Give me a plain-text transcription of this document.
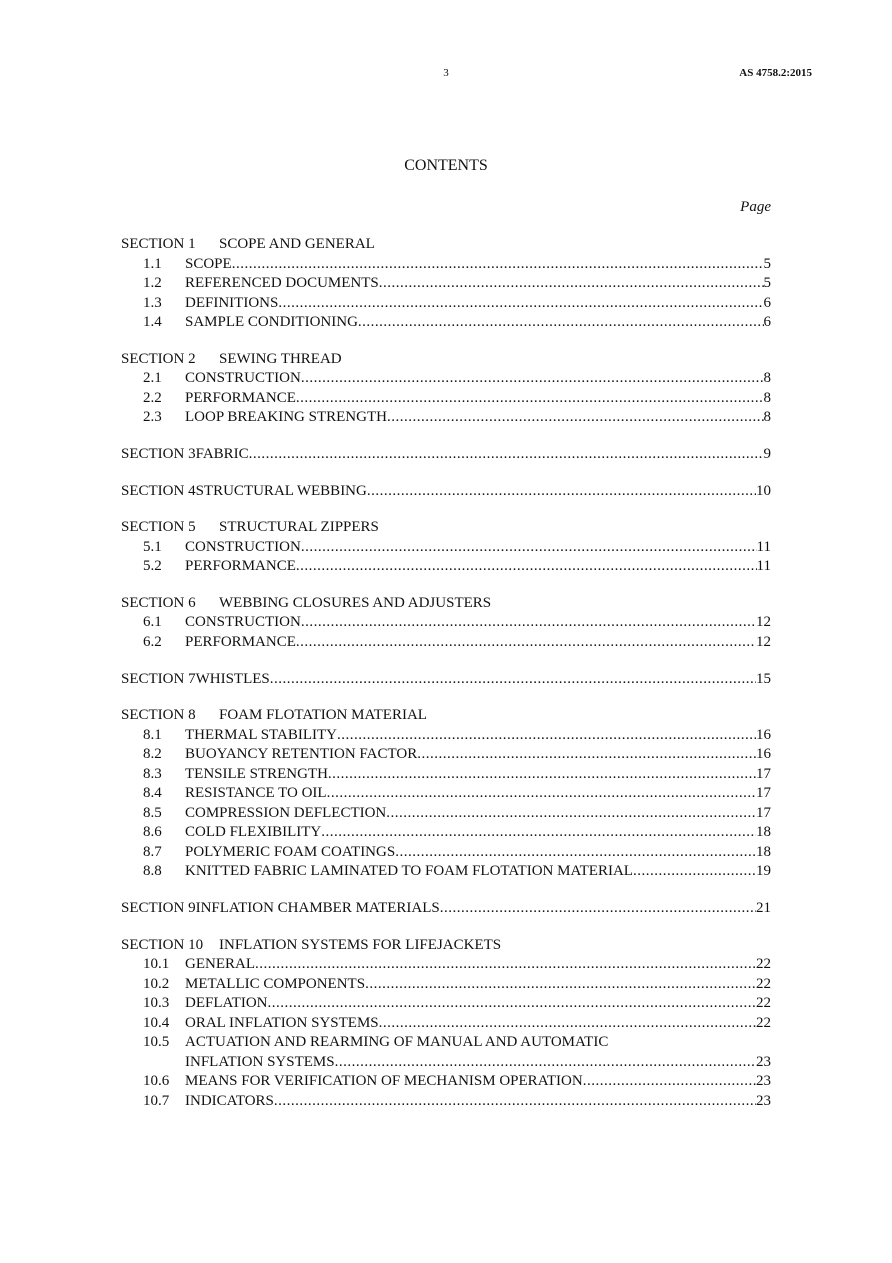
3	AS 4758.2:2015
CONTENTS
Page
SECTION 1	SCOPE AND GENERAL
1.1	SCOPE .....	5
1.2	REFERENCED DOCUMENTS .....	5
1.3	DEFINITIONS .....	6
1.4	SAMPLE CONDITIONING .....	6
SECTION 2	SEWING THREAD
2.1	CONSTRUCTION .....	8
2.2	PERFORMANCE .....	8
2.3	LOOP BREAKING STRENGTH .....	8
SECTION 3 FABRIC .....	9
SECTION 4 STRUCTURAL WEBBING .....	10
SECTION 5	STRUCTURAL ZIPPERS
5.1	CONSTRUCTION .....	11
5.2	PERFORMANCE .....	11
SECTION 6	WEBBING CLOSURES AND ADJUSTERS
6.1	CONSTRUCTION .....	12
6.2	PERFORMANCE .....	12
SECTION 7 WHISTLES .....	15
SECTION 8	FOAM FLOTATION MATERIAL
8.1	THERMAL STABILITY .....	16
8.2	BUOYANCY RETENTION FACTOR .....	16
8.3	TENSILE STRENGTH .....	17
8.4	RESISTANCE TO OIL .....	17
8.5	COMPRESSION DEFLECTION .....	17
8.6	COLD FLEXIBILITY .....	18
8.7	POLYMERIC FOAM COATINGS .....	18
8.8	KNITTED FABRIC LAMINATED TO FOAM FLOTATION MATERIAL .....	19
SECTION 9 INFLATION CHAMBER MATERIALS .....	21
SECTION 10	INFLATION SYSTEMS FOR LIFEJACKETS
10.1	GENERAL .....	22
10.2	METALLIC COMPONENTS .....	22
10.3	DEFLATION .....	22
10.4	ORAL INFLATION SYSTEMS .....	22
10.5	ACTUATION AND REARMING OF MANUAL AND AUTOMATIC
INFLATION SYSTEMS .....	23
10.6	MEANS FOR VERIFICATION OF MECHANISM OPERATION .....	23
10.7	INDICATORS .....	23
